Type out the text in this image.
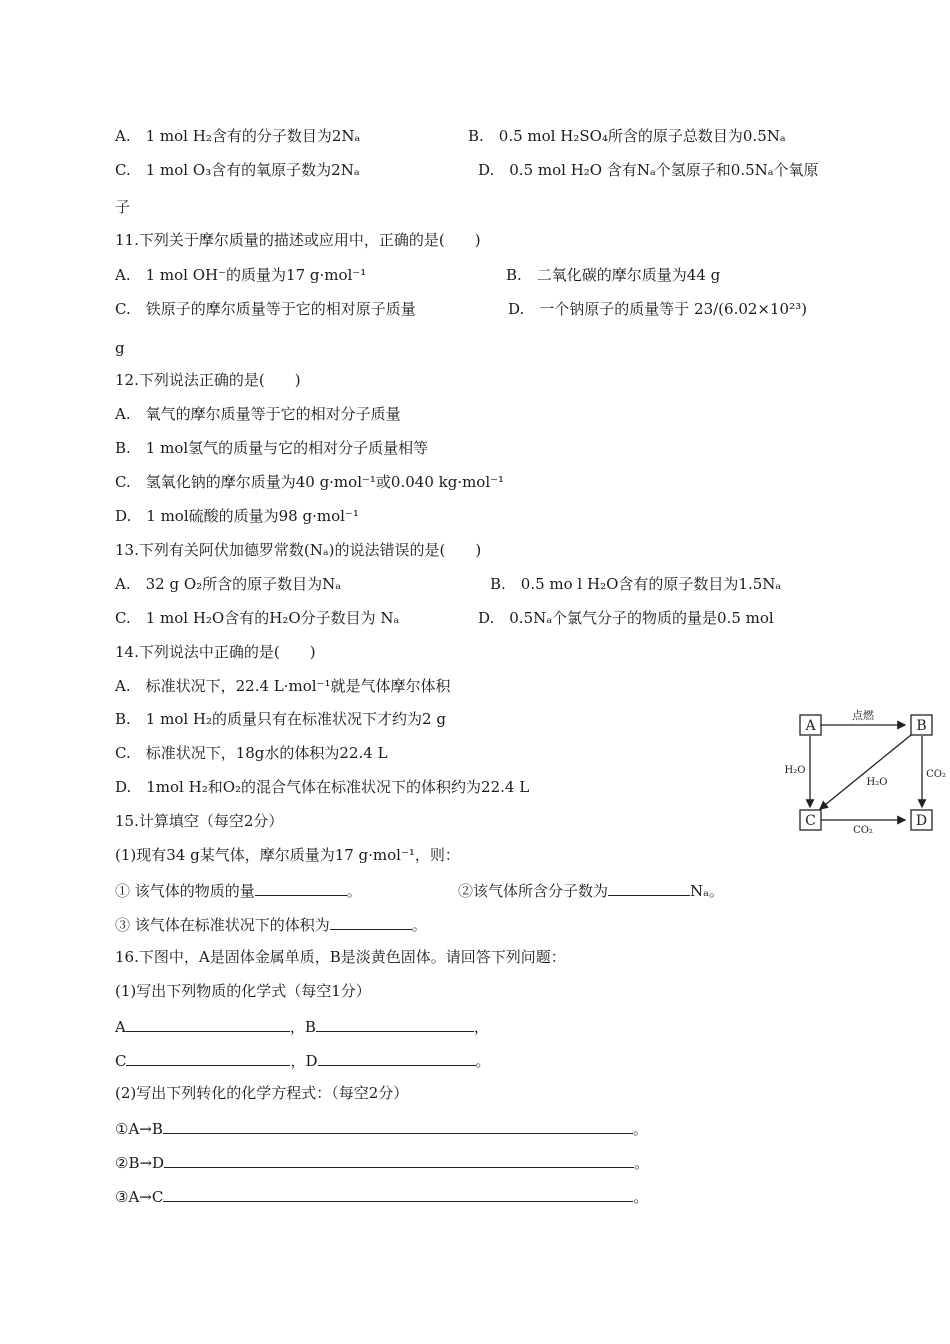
A.　1 mol H₂含有的分子数目为2Nₐ	B.　0.5 mol H₂SO₄所含的原子总数目为0.5Nₐ
C.　1 mol O₃含有的氧原子数为2Nₐ	D.　0.5 mol H₂O 含有Nₐ个氢原子和0.5Nₐ个氧原
子
11.下列关于摩尔质量的描述或应用中，正确的是(　　)
A.　1 mol OH⁻的质量为17 g·mol⁻¹	B.　二氧化碳的摩尔质量为44 g
C.　铁原子的摩尔质量等于它的相对原子质量	D.　一个钠原子的质量等于 23/(6.02×10²³)
g
12.下列说法正确的是(　　)
A.　氧气的摩尔质量等于它的相对分子质量
B.　1 mol氢气的质量与它的相对分子质量相等
C.　氢氧化钠的摩尔质量为40 g·mol⁻¹或0.040 kg·mol⁻¹
D.　1 mol硫酸的质量为98 g·mol⁻¹
13.下列有关阿伏加德罗常数(Nₐ)的说法错误的是(　　)
A.　32 g O₂所含的原子数目为Nₐ	B.　0.5 mo l H₂O含有的原子数目为1.5Nₐ
C.　1 mol H₂O含有的H₂O分子数目为 Nₐ	D.　0.5Nₐ个氯气分子的物质的量是0.5 mol
14.下列说法中正确的是(　　)
A.　标准状况下，22.4 L·mol⁻¹就是气体摩尔体积
B.　1 mol H₂的质量只有在标准状况下才约为2 g
C.　标准状况下，18g水的体积为22.4 L
D.　1mol H₂和O₂的混合气体在标准状况下的体积约为22.4 L
15.计算填空（每空2分）
(1)现有34 g某气体，摩尔质量为17 g·mol⁻¹，则：
① 该气体的物质的量	。	②该气体所含分子数为	Nₐ。
③ 该气体在标准状况下的体积为	。
16.下图中，A是固体金属单质，B是淡黄色固体。请回答下列问题：
(1)写出下列物质的化学式（每空1分）
A	，B	，
C	，D	。
(2)写出下列转化的化学方程式：（每空2分）
①A→B	。
②B→D	。
③A→C	。
A	B
C	D
点燃
H₂O
H₂O
CO₂
CO₂
